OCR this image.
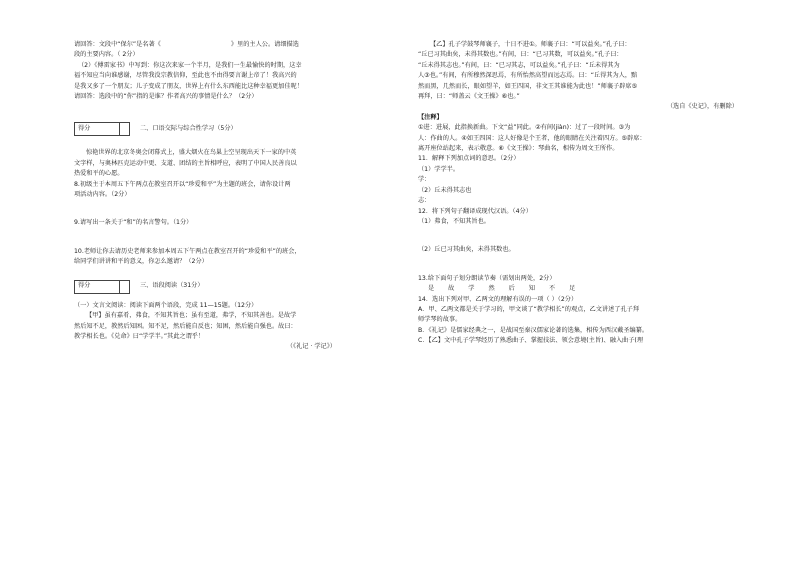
请回答：文段中“保尔”是名著《	》里的主人公。请细描选
段的主要内容。（ 2分）
（2）《傅雷家书》中写到：你这次来家一个半月，是我们一生最愉快的时期，这幸
福不知应当向谁感谢，尽管我没宗教信仰，至此也不由得要言谢上帝了！我高兴的
是我又多了一个朋友；儿子变成了朋友，世界上有什么东西能比这种幸福更加佳呢！
请回答：选段中的“你”指的是谁？作者高兴的事情是什么？（2分）
得分	二、口语交际与综合性学习（5分）
惊艳世界的北京冬奥会闭幕式上，盛大烟火在鸟巢上空呈现出天下一家的中英
文字样，与奥林匹克运动中更、支道、团结的主旨相呼应，表明了中国人民善良以
热爱和平的心愿。
8.初级主于本周五下午两点在教室召开以“珍爱和平”为主题的班会，请你设计两
项活动内容。（2分）
9.请写出一条关于“和”的名言警句。（1分）
10.老师让你去请历史老师来参加本周五下午两点在教室召开的“珍爱和平”的班会，
给同学们讲讲和平的意义，你怎么邀请？（2分）
得分	三、语段阅读（31分）
（一）文言文阅读：阅读下面两个语段，完成 11—15题。（12分）
【甲】虽有嘉肴，弗食，不知其旨也；虽有至道，弗学，不知其善也。是故学
然后知不足，教然后知困。知不足，然后能自反也；知困，然后能自强也。故曰：
教学相长也。《兑命》曰“学学半。”其此之谓乎！
（《礼记 · 学记》）
【乙】孔子学鼓琴师襄子，十日不进①。师襄子曰：“可以益矣。”孔子曰：
“丘已习其曲矣，未得其数也。”有间，曰：“已习其数，可以益矣。”孔子曰：
“丘未得其志也。”有间，曰：“已习其志，可以益矣。”孔子曰：“丘未得其为
人③也。”有间，有所穆然深思焉，有所怡然高望而远志焉。曰：“丘得其为人，黯
然而黑，几然而长，眼如望羊，如王四国，非文王其谁能为此也！”师襄子辟席⑤
再拜，曰：“师盖云《文王操》⑥也。”
（选自《史记》，有删除）
【注释】
①进：进展，此指换新曲。下文“益”同此。②有间(jiàn)：过了一段时间。③为
人：作曲的人。④如王四国：这人好像是个王者，他的眼睛在关注着四方。⑤辟席：
离开座位站起来，表示敬意。⑥《文王操》：琴曲名，相传为周文王所作。
11．解释下列加点词的意思。（2分）
（1）学学半。
学：
（2）丘未得其志也
志：
12．将下列句子翻译成现代汉语。（4分）
（1）弗食，不知其旨也。
（2）丘已习其曲矣，未得其数也。
13.给下面句子划分朗读节奏（需划出两处，2分）
是 故 学 然 后 知 不 足
14．选出下列对甲、乙两文的理解有误的一项（ ）（2分）
A．甲、乙两文都是关于学习的，甲文谈了“教学相长”的观点，乙文讲述了孔子拜
师学琴的故事。
B．《礼记》是儒家经典之一，是战国至秦汉儒家论著的选集，相传为西汉戴圣编纂。
C．【乙】文中孔子学琴经历了熟悉曲子、掌握技法、领会意境(主旨)、融入曲子(理
